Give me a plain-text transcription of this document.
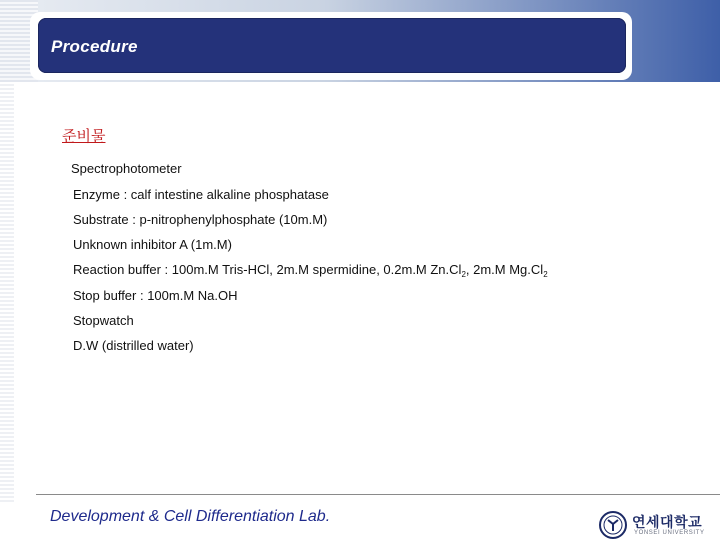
Procedure
준비물
Spectrophotometer
Enzyme : calf intestine alkaline phosphatase
Substrate : p-nitrophenylphosphate (10m.M)
Unknown inhibitor A (1m.M)
Reaction buffer : 100m.M Tris-HCl, 2m.M spermidine, 0.2m.M $Zn.Cl_2$, 2m.M $Mg.Cl_2$
Stop buffer : 100m.M Na.OH
Stopwatch
D.W (distrilled water)
Development & Cell Differentiation Lab.	연세대학교
YONSEI UNIVERSITY
